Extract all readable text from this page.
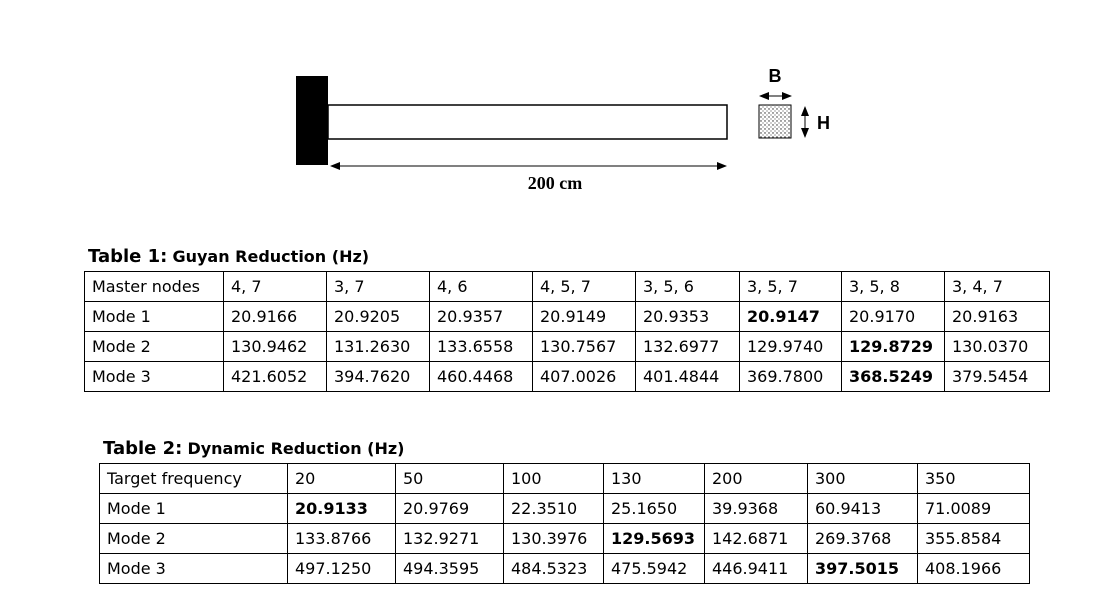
200 cm
B
H
Table 1: Guyan Reduction (Hz)
Master nodes	4, 7	3, 7	4, 6	4, 5, 7	3, 5, 6	3, 5, 7	3, 5, 8	3, 4, 7
Mode 1	20.9166	20.9205	20.9357	20.9149	20.9353	20.9147	20.9170	20.9163
Mode 2	130.9462	131.2630	133.6558	130.7567	132.6977	129.9740	129.8729	130.0370
Mode 3	421.6052	394.7620	460.4468	407.0026	401.4844	369.7800	368.5249	379.5454
Table 2: Dynamic Reduction (Hz)
Target frequency	20	50	100	130	200	300	350
Mode 1	20.9133	20.9769	22.3510	25.1650	39.9368	60.9413	71.0089
Mode 2	133.8766	132.9271	130.3976	129.5693	142.6871	269.3768	355.8584
Mode 3	497.1250	494.3595	484.5323	475.5942	446.9411	397.5015	408.1966
